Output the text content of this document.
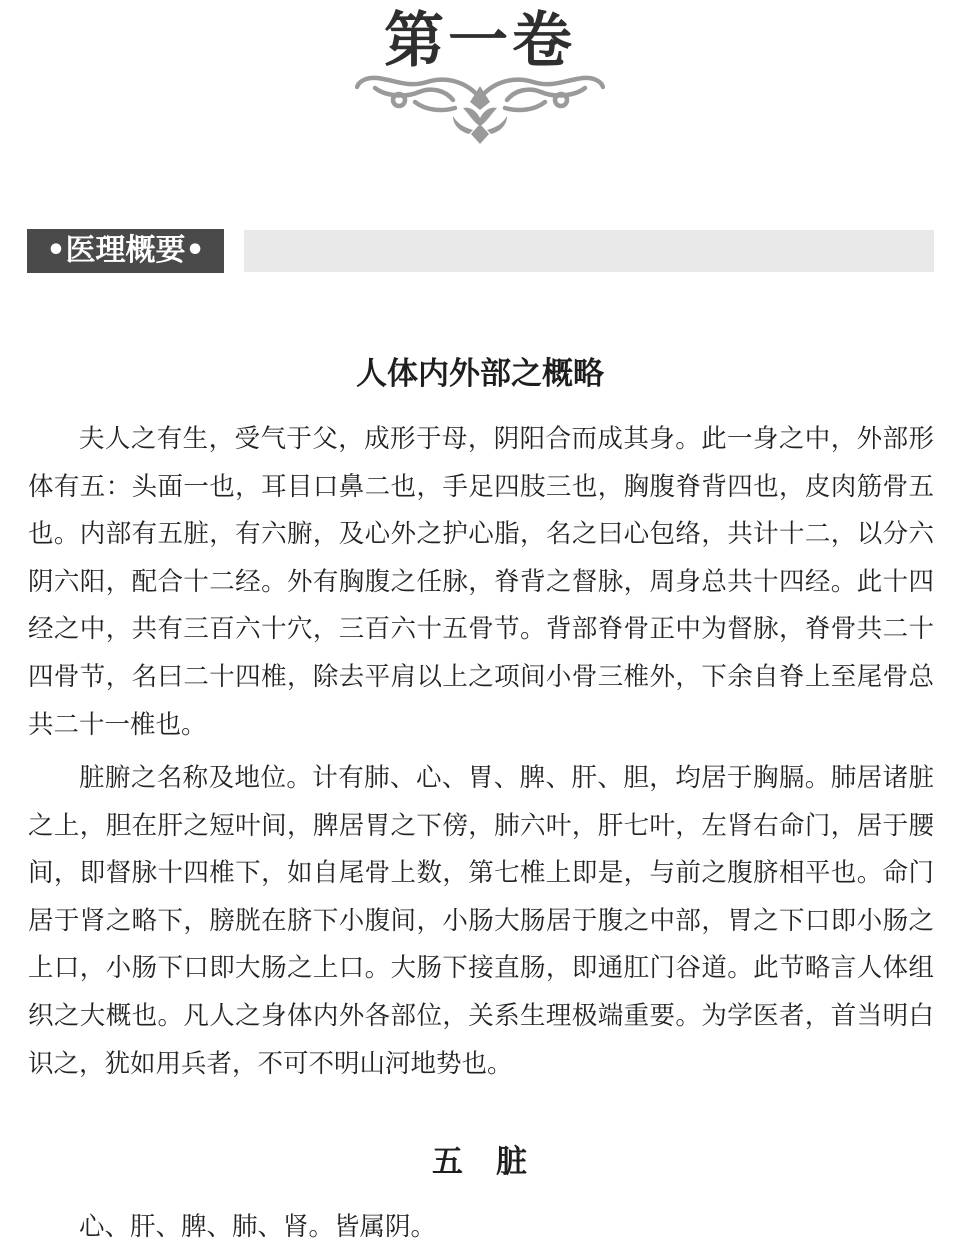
第一卷
•医理概要•
人体内外部之概略

夫人之有生，受气于父，成形于母，阴阳合而成其身。此一身之中，外部形体有五：头面一也，耳目口鼻二也，手足四肢三也，胸腹脊背四也，皮肉筋骨五也。内部有五脏，有六腑，及心外之护心脂，名之曰心包络，共计十二，以分六阴六阳，配合十二经。外有胸腹之任脉，脊背之督脉，周身总共十四经。此十四经之中，共有三百六十穴，三百六十五骨节。背部脊骨正中为督脉，脊骨共二十四骨节，名曰二十四椎，除去平肩以上之项间小骨三椎外，下余自脊上至尾骨总共二十一椎也。

脏腑之名称及地位。计有肺、心、胃、脾、肝、胆，均居于胸膈。肺居诸脏之上，胆在肝之短叶间，脾居胃之下傍，肺六叶，肝七叶，左肾右命门，居于腰间，即督脉十四椎下，如自尾骨上数，第七椎上即是，与前之腹脐相平也。命门居于肾之略下，膀胱在脐下小腹间，小肠大肠居于腹之中部，胃之下口即小肠之上口，小肠下口即大肠之上口。大肠下接直肠，即通肛门谷道。此节略言人体组织之大概也。凡人之身体内外各部位，关系生理极端重要。为学医者，首当明白识之，犹如用兵者，不可不明山河地势也。

五　脏

心、肝、脾、肺、肾。皆属阴。
